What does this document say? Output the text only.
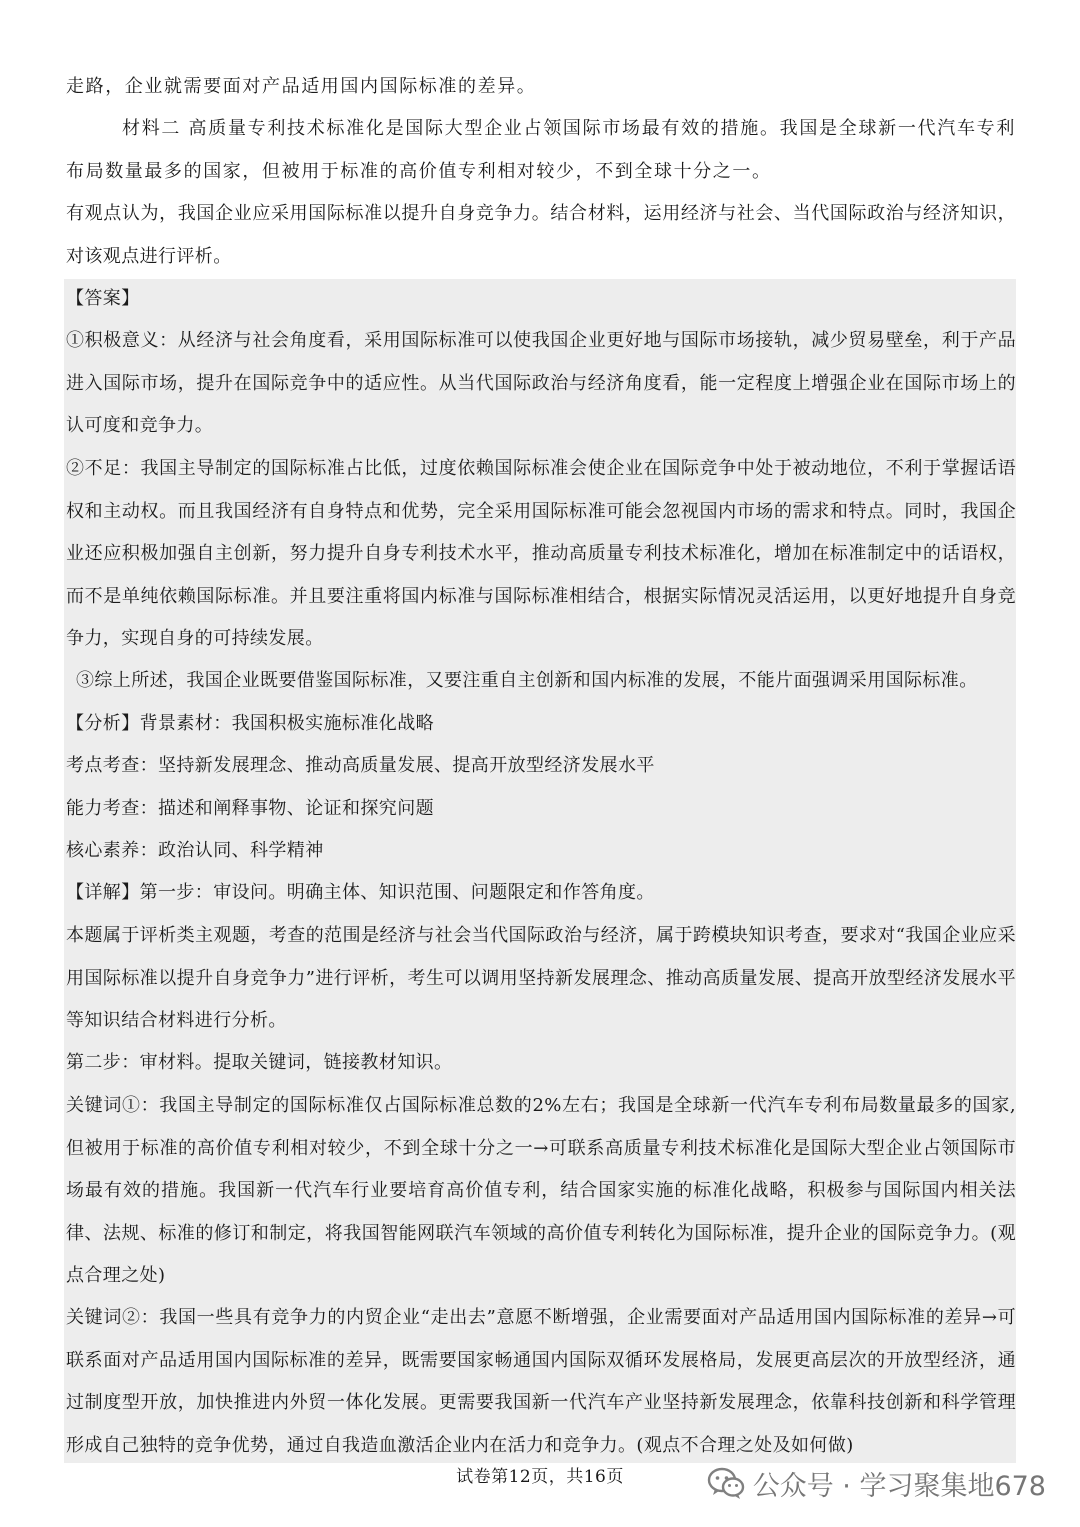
走路，企业就需要面对产品适用国内国际标准的差异。

材料二 高质量专利技术标准化是国际大型企业占领国际市场最有效的措施。我国是全球新一代汽车专利布局数量最多的国家，但被用于标准的高价值专利相对较少，不到全球十分之一。

有观点认为，我国企业应采用国际标准以提升自身竞争力。结合材料，运用经济与社会、当代国际政治与经济知识，对该观点进行评析。

【答案】

①积极意义：从经济与社会角度看，采用国际标准可以使我国企业更好地与国际市场接轨，减少贸易壁垒，利于产品进入国际市场，提升在国际竞争中的适应性。从当代国际政治与经济角度看，能一定程度上增强企业在国际市场上的认可度和竞争力。

②不足：我国主导制定的国际标准占比低，过度依赖国际标准会使企业在国际竞争中处于被动地位，不利于掌握话语权和主动权。而且我国经济有自身特点和优势，完全采用国际标准可能会忽视国内市场的需求和特点。同时，我国企业还应积极加强自主创新，努力提升自身专利技术水平，推动高质量专利技术标准化，增加在标准制定中的话语权，而不是单纯依赖国际标准。并且要注重将国内标准与国际标准相结合，根据实际情况灵活运用，以更好地提升自身竞争力，实现自身的可持续发展。

③综上所述，我国企业既要借鉴国际标准，又要注重自主创新和国内标准的发展，不能片面强调采用国际标准。

【分析】背景素材：我国积极实施标准化战略

考点考查：坚持新发展理念、推动高质量发展、提高开放型经济发展水平

能力考查：描述和阐释事物、论证和探究问题

核心素养：政治认同、科学精神

【详解】第一步：审设问。明确主体、知识范围、问题限定和作答角度。

本题属于评析类主观题，考查的范围是经济与社会当代国际政治与经济，属于跨模块知识考查，要求对“我国企业应采用国际标准以提升自身竞争力”进行评析，考生可以调用坚持新发展理念、推动高质量发展、提高开放型经济发展水平等知识结合材料进行分析。

第二步：审材料。提取关键词，链接教材知识。

关键词①：我国主导制定的国际标准仅占国际标准总数的2%左右；我国是全球新一代汽车专利布局数量最多的国家,但被用于标准的高价值专利相对较少，不到全球十分之一→可联系高质量专利技术标准化是国际大型企业占领国际市场最有效的措施。我国新一代汽车行业要培育高价值专利，结合国家实施的标准化战略，积极参与国际国内相关法律、法规、标准的修订和制定，将我国智能网联汽车领域的高价值专利转化为国际标准，提升企业的国际竞争力。(观点合理之处)

关键词②：我国一些具有竞争力的内贸企业“走出去”意愿不断增强，企业需要面对产品适用国内国际标准的差异→可联系面对产品适用国内国际标准的差异，既需要国家畅通国内国际双循环发展格局，发展更高层次的开放型经济，通过制度型开放，加快推进内外贸一体化发展。更需要我国新一代汽车产业坚持新发展理念，依靠科技创新和科学管理形成自己独特的竞争优势，通过自我造血激活企业内在活力和竞争力。(观点不合理之处及如何做)

试卷第12页，共16页	公众号 · 学习聚集地678
